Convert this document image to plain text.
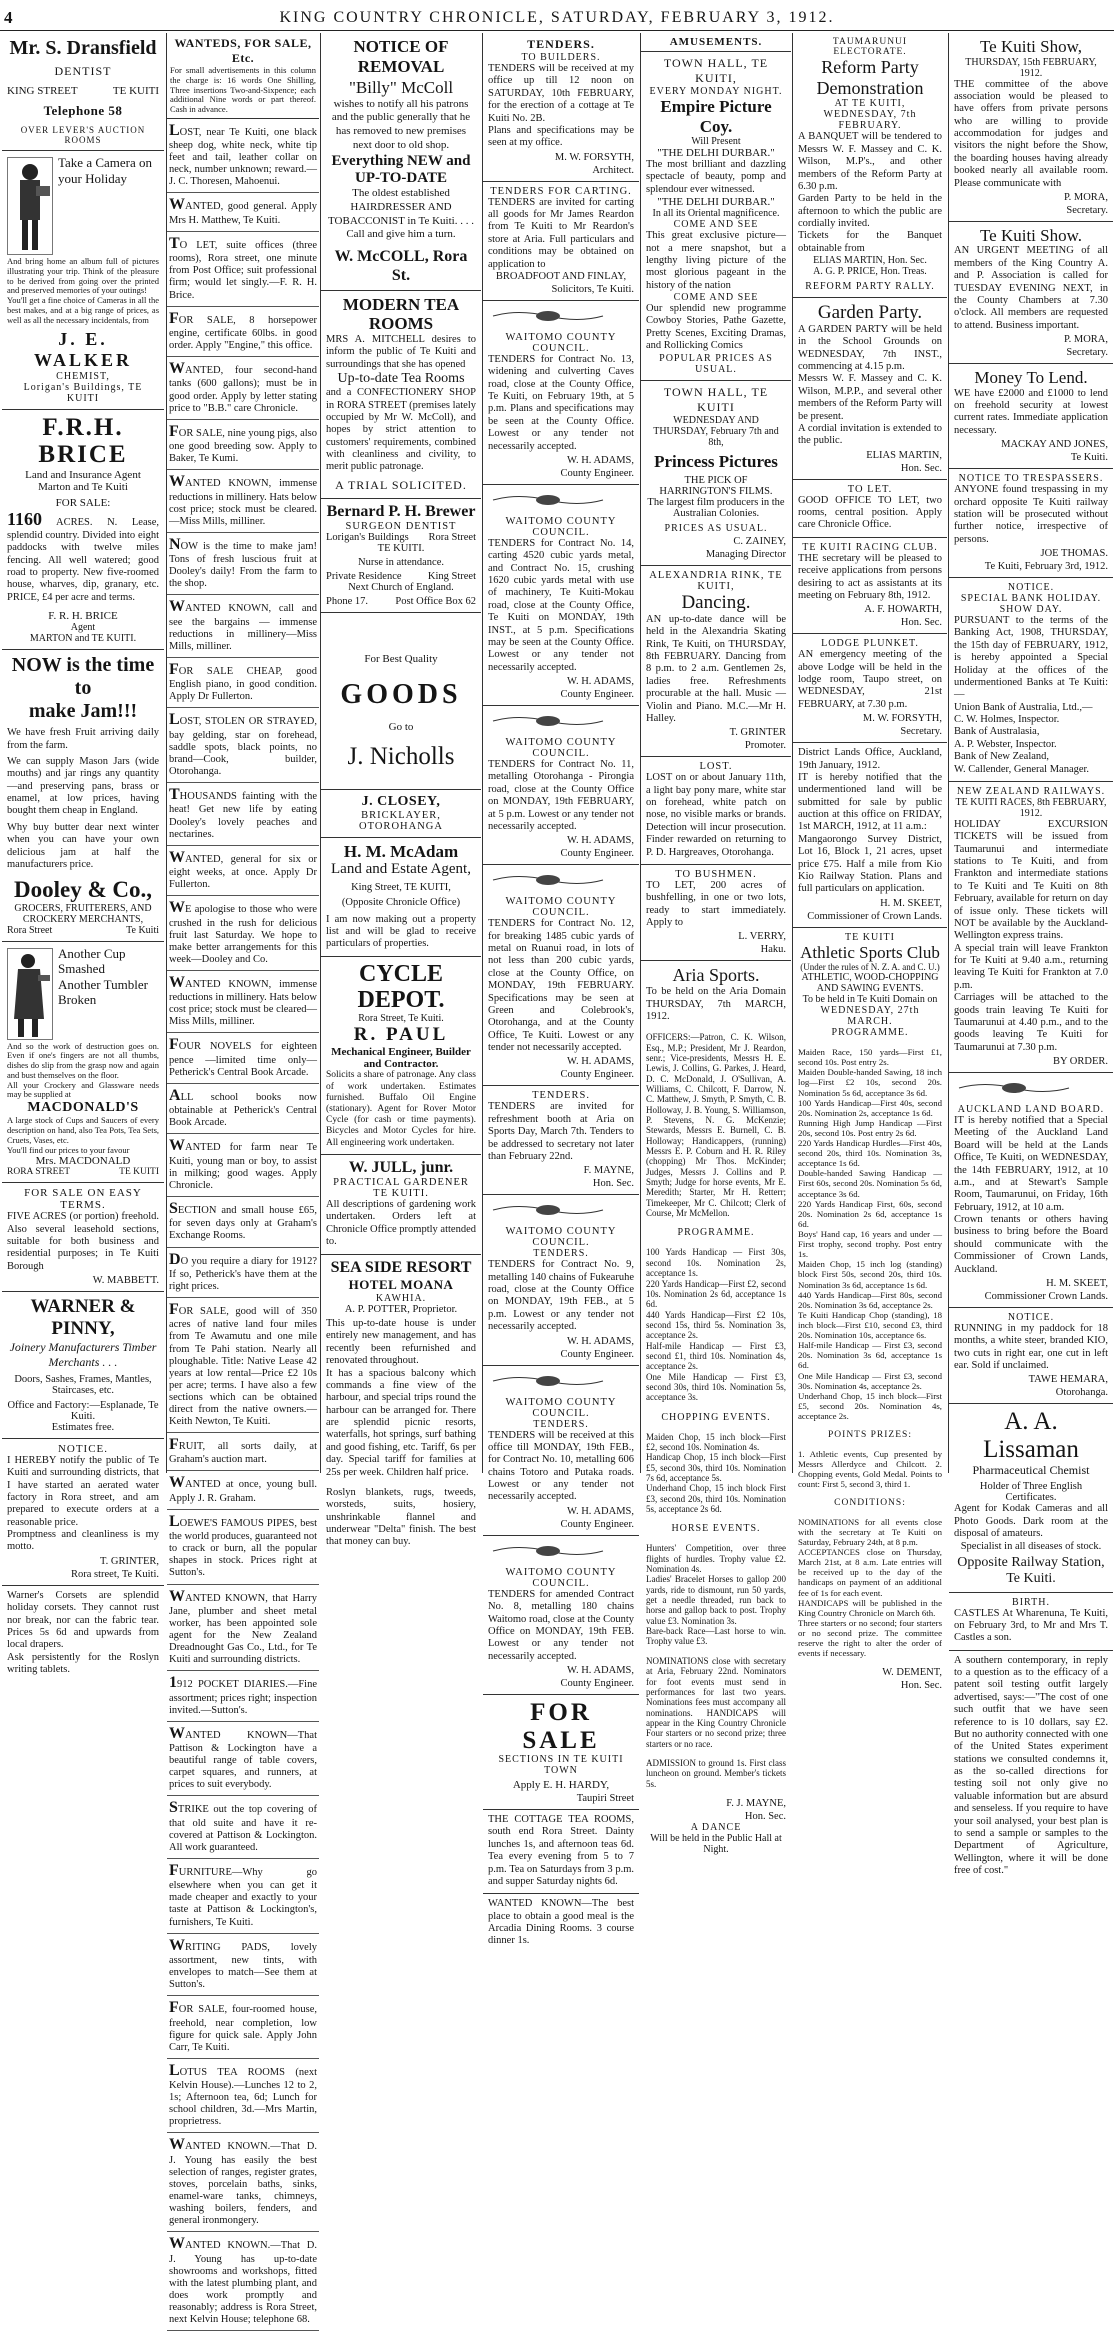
4	KING COUNTRY CHRONICLE, SATURDAY, FEBRUARY 3, 1912.
Mr. S. Dransfield
DENTIST
KING STREET	TE KUITI
Telephone 58
OVER LEVER'S AUCTION ROOMS
Take a Camera on your Holiday
And bring home an album full of pictures illustrating your trip. Think of the pleasure to be derived from going over the printed and preserved memories of your outings!
You'll get a fine choice of Cameras in all the best makes, and at a big range of prices, as well as all the necessary incidentals, from
J. E. WALKER
CHEMIST,
Lorigan's Buildings, TE KUITI
F.R.H. BRICE
Land and Insurance Agent
Marton and Te Kuiti
FOR SALE:
1160 ACRES. N. Lease, splendid country. Divided into eight paddocks with twelve miles fencing. All well watered; good road to property. New five-roomed house, wharves, dip, granary, etc. PRICE, £4 per acre and terms.
F. R. H. BRICE
Agent
MARTON and TE KUITI.
NOW is the time to
make Jam!!!

We have fresh Fruit arriving daily from the farm.

We can supply Mason Jars (wide mouths) and jar rings any quantity—and preserving pans, brass or enamel, at low prices, having bought them cheap in England.

Why buy butter dear next winter when you can have your own delicious jam at half the manufacturers price.

Dooley & Co.,
GROCERS, FRUITERERS, AND CROCKERY MERCHANTS,
Rora Street	Te Kuiti
Another Cup Smashed
Another Tumbler Broken
And so the work of destruction goes on. Even if one's fingers are not all thumbs, dishes do slip from the grasp now and again and bust themselves on the floor.
All your Crockery and Glassware needs may be supplied at
MACDONALD'S
A large stock of Cups and Saucers of every description on hand, also Tea Pots, Tea Sets, Cruets, Vases, etc.
You'll find our prices to your favour
Mrs. MACDONALD
RORA STREET	TE KUITI
FOR SALE ON EASY TERMS.

FIVE ACRES (or portion) freehold. Also several leasehold sections, suitable for both business and residential purposes; in Te Kuiti Borough

W. MABBETT.
WARNER & PINNY,
Joinery Manufacturers Timber Merchants . . .
Doors, Sashes, Frames, Mantles, Staircases, etc.
Office and Factory:—Esplanade, Te Kuiti.
Estimates free.
NOTICE.

I HEREBY notify the public of Te Kuiti and surrounding districts, that I have started an aerated water factory in Rora street, and am prepared to execute orders at a reasonable price.

Promptness and cleanliness is my motto.

T. GRINTER,
Rora street, Te Kuiti.

Warner's Corsets are splendid holiday corsets. They cannot rust nor break, nor can the fabric tear. Prices 5s 6d and upwards from local drapers.

Ask persistently for the Roslyn writing tablets.

WANTEDS, FOR SALE, Etc.
For small advertisements in this column the charge is: 16 words One Shilling, Three insertions Two-and-Sixpence; each additional Nine words or part thereof. Cash in advance.
LOST, near Te Kuiti, one black sheep dog, white neck, white tip feet and tail, leather collar on neck, number unknown; reward.—J. C. Thoresen, Mahoenui.
WANTED, good general. Apply Mrs H. Matthew, Te Kuiti.
TO LET, suite offices (three rooms), Rora street, one minute from Post Office; suit professional firm; would let singly.—F. R. H. Brice.
FOR SALE, 8 horsepower engine, certificate 60lbs. in good order. Apply "Engine," this office.
WANTED, four second-hand tanks (600 gallons); must be in good order. Apply by letter stating price to "B.B." care Chronicle.
FOR SALE, nine young pigs, also one good breeding sow. Apply to Baker, Te Kumi.
WANTED KNOWN, immense reductions in millinery. Hats below cost price; stock must be cleared.—Miss Mills, milliner.
NOW is the time to make jam! Tons of fresh luscious fruit at Dooley's daily! From the farm to the shop.
WANTED KNOWN, call and see the bargains — immense reductions in millinery—Miss Mills, milliner.
FOR SALE CHEAP, good English piano, in good condition. Apply Dr Fullerton.
LOST, STOLEN OR STRAYED, bay gelding, star on forehead, saddle spots, black points, no brand—Cook, builder, Otorohanga.
THOUSANDS fainting with the heat! Get new life by eating Dooley's lovely peaches and nectarines.
WANTED, general for six or eight weeks, at once. Apply Dr Fullerton.
WE apologise to those who were crushed in the rush for delicious fruit last Saturday. We hope to make better arrangements for this week—Dooley and Co.
WANTED KNOWN, immense reductions in millinery. Hats below cost price; stock must be cleared—Miss Mills, milliner.
FOUR NOVELS for eighteen pence —limited time only—Petherick's Central Book Arcade.
ALL school books now obtainable at Petherick's Central Book Arcade.
WANTED for farm near Te Kuiti, young man or boy, to assist in milking; good wages. Apply Chronicle.
SECTION and small house £65, for seven days only at Graham's Exchange Rooms.
DO you require a diary for 1912? If so, Petherick's have them at the right prices.
FOR SALE, good will of 350 acres of native land four miles from Te Awamutu and one mile from Te Pahi station. Nearly all ploughable. Title: Native Lease 42 years at low rental—Price £2 10s per acre; terms. I have also a few sections which can be obtained direct from the native owners.—Keith Newton, Te Kuiti.
FRUIT, all sorts daily, at Graham's auction mart.
WANTED at once, young bull. Apply J. R. Graham.
LOEWE'S FAMOUS PIPES, best the world produces, guaranteed not to crack or burn, all the popular shapes in stock. Prices right at Sutton's.
WANTED KNOWN, that Harry Jane, plumber and sheet metal worker, has been appointed sole agent for the New Zealand Dreadnought Gas Co., Ltd., for Te Kuiti and surrounding districts.
1912 POCKET DIARIES.—Fine assortment; prices right; inspection invited.—Sutton's.
WANTED KNOWN—That Pattison & Lockington have a beautiful range of table covers, carpet squares, and runners, at prices to suit everybody.
STRIKE out the top covering of that old suite and have it re-covered at Pattison & Lockington. All work guaranteed.
FURNITURE—Why go elsewhere when you can get it made cheaper and exactly to your taste at Pattison & Lockington's, furnishers, Te Kuiti.
WRITING PADS, lovely assortment, new tints, with envelopes to match—See them at Sutton's.
FOR SALE, four-roomed house, freehold, near completion, low figure for quick sale. Apply John Carr, Te Kuiti.
LOTUS TEA ROOMS (next Kelvin House).—Lunches 12 to 2, 1s; Afternoon tea, 6d; Lunch for school children, 3d.—Mrs Martin, proprietress.
WANTED KNOWN.—That D. J. Young has easily the best selection of ranges, register grates, stoves, porcelain baths, sinks, enamel-ware tanks, chimneys, washing boilers, fenders, and general ironmongery.
WANTED KNOWN.—That D. J. Young has up-to-date showrooms and workshops, fitted with the latest plumbing plant, and does work promptly and reasonably; address is Rora Street, next Kelvin House; telephone 68.
NOTICE OF REMOVAL
"Billy" McColl
wishes to notify all his patrons and the public generally that he has removed to new premises next door to old shop.
Everything NEW and UP-TO-DATE
The oldest established HAIRDRESSER AND TOBACCONIST in Te Kuiti. . . . Call and give him a turn.
W. McCOLL, Rora St.
MODERN TEA ROOMS

MRS A. MITCHELL desires to inform the public of Te Kuiti and surroundings that she has opened

Up-to-date Tea Rooms

and a CONFECTIONERY SHOP in RORA STREET (premises lately occupied by Mr W. McColl), and hopes by strict attention to customers' requirements, combined with cleanliness and civility, to merit public patronage.

A TRIAL SOLICITED.
Bernard P. H. Brewer
SURGEON DENTIST
Lorigan's Buildings Rora Street
TE KUITI.
Nurse in attendance.
Private Residence	King Street
Next Church of England.
Phone 17.	Post Office Box 62
For Best Quality
GOODS
Go to
J. Nicholls
J. CLOSEY,
BRICKLAYER,
OTOROHANGA
H. M. McAdam
Land and Estate Agent,
King Street, TE KUITI,
(Opposite Chronicle Office)

I am now making out a property list and will be glad to receive particulars of properties.

CYCLE DEPOT.
Rora Street, Te Kuiti.
R. PAUL
Mechanical Engineer, Builder and Contractor.

Solicits a share of patronage. Any class of work undertaken. Estimates furnished. Buffalo Oil Engine (stationary). Agent for Rover Motor Cycle (for cash or time payments). Bicycles and Motor Cycles for hire. All engineering work undertaken.

W. JULL, junr.
PRACTICAL GARDENER
TE KUITI.

All descriptions of gardening work undertaken. Orders left at Chronicle Office promptly attended to.

SEA SIDE RESORT
HOTEL MOANA
KAWHIA.
A. P. POTTER, Proprietor.

This up-to-date house is under entirely new management, and has recently been refurnished and renovated throughout.

It has a spacious balcony which commands a fine view of the harbour, and special trips round the harbour can be arranged for. There are splendid picnic resorts, waterfalls, hot springs, surf bathing and good fishing, etc. Tariff, 6s per day. Special tariff for families at 25s per week. Children half price.

Roslyn blankets, rugs, tweeds, worsteds, suits, hosiery, unshrinkable flannel and underwear "Delta" finish. The best that money can buy.

TENDERS.
TO BUILDERS.

TENDERS will be received at my office up till 12 noon on SATURDAY, 10th FEBRUARY, for the erection of a cottage at Te Kuiti No. 2B.

Plans and specifications may be seen at my office.

M. W. FORSYTH,
Architect.
TENDERS FOR CARTING.

TENDERS are invited for carting all goods for Mr James Reardon from Te Kuiti to Mr Reardon's store at Aria. Full particulars and conditions may be obtained on application to

BROADFOOT AND FINLAY,
Solicitors, Te Kuiti.
WAITOMO COUNTY COUNCIL.

TENDERS for Contract No. 13, widening and culverting Caves road, close at the County Office, Te Kuiti, on February 19th, at 5 p.m. Plans and specifications may be seen at the County Office. Lowest or any tender not necessarily accepted.

W. H. ADAMS,
County Engineer.
WAITOMO COUNTY COUNCIL.

TENDERS for Contract No. 14, carting 4520 cubic yards metal, and Contract No. 15, crushing 1620 cubic yards metal with use of machinery, Te Kuiti-Mokau road, close at the County Office, Te Kuiti on MONDAY, 19th INST., at 5 p.m. Specifications may be seen at the County Office. Lowest or any tender not necessarily accepted.

W. H. ADAMS,
County Engineer.
WAITOMO COUNTY COUNCIL.

TENDERS for Contract No. 11, metalling Otorohanga - Pirongia road, close at the County Office on MONDAY, 19th FEBRUARY, at 5 p.m. Lowest or any tender not necessarily accepted.

W. H. ADAMS,
County Engineer.
WAITOMO COUNTY COUNCIL.

TENDERS for Contract No. 12, for breaking 1485 cubic yards of metal on Ruanui road, in lots of not less than 200 cubic yards, close at the County Office, on MONDAY, 19th FEBRUARY. Specifications may be seen at Green and Colebrook's, Otorohanga, and at the County Office, Te Kuiti. Lowest or any tender not necessarily accepted.

W. H. ADAMS,
County Engineer.
TENDERS.

TENDERS are invited for refreshment booth at Aria on Sports Day, March 7th. Tenders to be addressed to secretary not later than February 22nd.

F. MAYNE,
Hon. Sec.
WAITOMO COUNTY COUNCIL.
TENDERS.

TENDERS for Contract No. 9, metalling 140 chains of Fukearuhe road, close at the County Office on MONDAY, 19th FEB., at 5 p.m. Lowest or any tender not necessarily accepted.

W. H. ADAMS,
County Engineer.
WAITOMO COUNTY COUNCIL.
TENDERS.

TENDERS will be received at this office till MONDAY, 19th FEB., for Contract No. 10, metalling 606 chains Totoro and Putaka roads. Lowest or any tender not necessarily accepted.

W. H. ADAMS,
County Engineer.
WAITOMO COUNTY COUNCIL.

TENDERS for amended Contract No. 8, metalling 180 chains Waitomo road, close at the County Office on MONDAY, 19th FEB. Lowest or any tender not necessarily accepted.

W. H. ADAMS,
County Engineer.
FOR SALE
SECTIONS IN TE KUITI TOWN
Apply E. H. HARDY,
Taupiri Street

THE COTTAGE TEA ROOMS, south end Rora Street. Dainty lunches 1s, and afternoon teas 6d. Tea every evening from 5 to 7 p.m. Tea on Saturdays from 3 p.m. and supper Saturday nights 6d.

WANTED KNOWN—The best place to obtain a good meal is the Arcadia Dining Rooms. 3 course dinner 1s.

AMUSEMENTS.
TOWN HALL, TE KUITI,
EVERY MONDAY NIGHT.
Empire Picture Coy.
Will Present
"THE DELHI DURBAR."

The most brilliant and dazzling spectacle of beauty, pomp and splendour ever witnessed.

"THE DELHI DURBAR."
In all its Oriental magnificence.
COME AND SEE

This great exclusive picture—not a mere snapshot, but a lengthy living picture of the most glorious pageant in the history of the nation

COME AND SEE

Our splendid new programme Cowboy Stories, Pathe Gazette, Pretty Scenes, Exciting Dramas, and Rollicking Comics

POPULAR PRICES AS USUAL.
TOWN HALL, TE KUITI
WEDNESDAY AND THURSDAY, February 7th and 8th,
Princess Pictures
THE PICK OF HARRINGTON'S FILMS.
The largest film producers in the Australian Colonies.
PRICES AS USUAL.
C. ZAINEY,
Managing Director
ALEXANDRIA RINK, TE KUITI,
Dancing.

AN up-to-date dance will be held in the Alexandria Skating Rink, Te Kuiti, on THURSDAY, 8th FEBRUARY. Dancing from 8 p.m. to 2 a.m. Gentlemen 2s, ladies free. Refreshments procurable at the hall. Music —Violin and Piano. M.C.—Mr H. Halley.

T. GRINTER
Promoter.
LOST.

LOST on or about January 11th, a light bay pony mare, white star on forehead, white patch on nose, no visible marks or brands. Detection will incur prosecution. Finder rewarded on returning to P. D. Hargreaves, Otorohanga.

TO BUSHMEN.

TO LET, 200 acres of bushfelling, in one or two lots, ready to start immediately. Apply to

L. VERRY,
Haku.
Aria Sports.

To be held on the Aria Domain THURSDAY, 7th MARCH, 1912.

OFFICERS:—Patron, C. K. Wilson, Esq., M.P.; President, Mr J. Reardon, senr.; Vice-presidents, Messrs H. E. Lewis, J. Collins, G. Parkes, J. Heard, D. C. McDonald, J. O'Sullivan, A. Williams, C. Chilcott, F. Darrow, N. C. Matthew, J. Smyth, P. Smyth, C. B. Holloway, J. B. Young, S. Williamson, P. Stevens, N. G. McKenzie; Stewards, Messrs E. Burnell, C. B. Holloway; Handicappers, (running) Messrs E. P. Coburn and H. R. Riley (chopping) Mr Thos. McKinder; Judges, Messrs J. Collins and P. Smyth; Judge for horse events, Mr E. Meredith; Starter, Mr H. Retterr; Timekeeper, Mr C. Chilcott; Clerk of Course, Mr McMellon.

PROGRAMME.

100 Yards Handicap — First 30s, second 10s. Nomination 2s, acceptance 1s.
220 Yards Handicap—First £2, second 10s. Nomination 2s 6d, acceptance 1s 6d.
440 Yards Handicap—First £2 10s, second 15s, third 5s. Nomination 3s, acceptance 2s.
Half-mile Handicap — First £3, second £1, third 10s. Nomination 4s, acceptance 2s.
One Mile Handicap — First £3, second 30s, third 10s. Nomination 5s, acceptance 3s.

CHOPPING EVENTS.

Maiden Chop, 15 inch block—First £2, second 10s. Nomination 4s.
Handicap Chop, 15 inch block—First £5, second 30s, third 10s. Nomination 7s 6d, acceptance 5s.
Underhand Chop, 15 inch block First £3, second 20s, third 10s. Nomination 5s, acceptance 2s 6d.

HORSE EVENTS.

Hunters' Competition, over three flights of hurdles. Trophy value £2. Nomination 4s.
Ladies' Bracelet Horses to gallop 200 yards, ride to dismount, run 50 yards, get a needle threaded, run back to horse and gallop back to post. Trophy value £3. Nomination 3s.
Bare-back Race—Last horse to win. Trophy value £3.

NOMINATIONS close with secretary at Aria, February 22nd. Nominators for foot events must send in performances for last two years. Nominations fees must accompany all nominations. HANDICAPS will appear in the King Country Chronicle Four starters or no second prize; three starters or no race.

ADMISSION to ground 1s. First class luncheon on ground. Member's tickets 5s.

F. J. MAYNE,
Hon. Sec.
A DANCE
Will be held in the Public Hall at Night.
TAUMARUNUI ELECTORATE.
Reform Party Demonstration
AT TE KUITI,
WEDNESDAY, 7th FEBRUARY.

A BANQUET will be tendered to Messrs W. F. Massey and C. K. Wilson, M.P's., and other members of the Reform Party at 6.30 p.m.

Garden Party to be held in the afternoon to which the public are cordially invited.

Tickets for the Banquet obtainable from

ELIAS MARTIN, Hon. Sec.
A. G. P. PRICE, Hon. Treas.
REFORM PARTY RALLY.
Garden Party.

A GARDEN PARTY will be held in the School Grounds on WEDNESDAY, 7th INST., commencing at 4.15 p.m.

Messrs W. F. Massey and C. K. Wilson, M.P.P., and several other members of the Reform Party will be present.

A cordial invitation is extended to the public.

ELIAS MARTIN,
Hon. Sec.
TO LET.

GOOD OFFICE TO LET, two rooms, central position. Apply care Chronicle Office.

TE KUITI RACING CLUB.

THE secretary will be pleased to receive applications from persons desiring to act as assistants at its meeting on February 8th, 1912.

A. F. HOWARTH,
Hon. Sec.
LODGE PLUNKET.

AN emergency meeting of the above Lodge will be held in the lodge room, Taupo street, on WEDNESDAY, 21st FEBRUARY, at 7.30 p.m.

M. W. FORSYTH,
Secretary.

District Lands Office, Auckland, 19th January, 1912.

IT is hereby notified that the undermentioned land will be submitted for sale by public auction at this office on FRIDAY, 1st MARCH, 1912, at 11 a.m.:

Mangaorongo Survey District, Lot 16, Block 1, 21 acres, upset price £75. Half a mile from Kio Kio Railway Station. Plans and full particulars on application.

H. M. SKEET,
Commissioner of Crown Lands.
TE KUITI
Athletic Sports Club
(Under the rules of N. Z. A. and C. U.)
ATHLETIC, WOOD-CHOPPING AND SAWING EVENTS.
To be held in Te Kuiti Domain on
WEDNESDAY, 27th MARCH.
PROGRAMME.

Maiden Race, 150 yards—First £1, second 10s. Post entry 2s.
Maiden Double-handed Sawing, 18 inch log—First £2 10s, second 20s. Nomination 5s 6d, acceptance 3s 6d.
100 Yards Handicap—First 40s, second 20s. Nomination 2s, acceptance 1s 6d.
Running High Jump Handicap —First 20s, second 10s. Post entry 2s 6d.
220 Yards Handicap Hurdles—First 40s, second 20s, third 10s. Nomination 3s, acceptance 1s 6d.
Double-handed Sawing Handicap —First 60s, second 20s. Nomination 5s 6d, acceptance 3s 6d.
220 Yards Handicap First, 60s, second 20s. Nomination 2s 6d, acceptance 1s 6d.
Boys' Hand cap, 16 years and under —First trophy, second trophy. Post entry 1s.
Maiden Chop, 15 inch log (standing) block First 50s, second 20s, third 10s. Nomination 3s 6d, acceptance 1s 6d.
440 Yards Handicap—First 80s, second 20s. Nomination 3s 6d, acceptance 2s.
Te Kuiti Handicap Chop (standing), 18 inch block—First £10, second £3, third 20s. Nomination 10s, acceptance 6s.
Half-mile Handicap — First £3, second 20s. Nomination 3s 6d, acceptance 1s 6d.
One Mile Handicap — First £3, second 30s. Nomination 4s, acceptance 2s.
Underhand Chop, 15 inch block—First £5, second 20s. Nomination 4s, acceptance 2s.

POINTS PRIZES:

1. Athletic events, Cup presented by Messrs Allerdyce and Chilcott. 2. Chopping events, Gold Medal. Points to count: First 5, second 3, third 1.

CONDITIONS:

NOMINATIONS for all events close with the secretary at Te Kuiti on Saturday, February 24th, at 8 p.m.
ACCEPTANCES close on Thursday, March 21st, at 8 a.m. Late entries will be received up to the day of the handicaps on payment of an additional fee of 1s for each event.
HANDICAPS will be published in the King Country Chronicle on March 6th.
Three starters or no second; four starters or no second prize. The committee reserve the right to alter the order of events if necessary.

W. DEMENT,
Hon. Sec.
Te Kuiti Show,
THURSDAY, 15th FEBRUARY, 1912.

THE committee of the above association would be pleased to have offers from private persons who are willing to provide accommodation for judges and visitors the night before the Show, the boarding houses having already booked nearly all available room. Please communicate with

P. MORA,
Secretary.
Te Kuiti Show.

AN URGENT MEETING of all members of the King Country A. and P. Association is called for TUESDAY EVENING NEXT, in the County Chambers at 7.30 o'clock. All members are requested to attend. Business important.

P. MORA,
Secretary.
Money To Lend.

WE have £2000 and £1000 to lend on freehold security at lowest current rates. Immediate application necessary.

MACKAY AND JONES,
Te Kuiti.
NOTICE TO TRESPASSERS.

ANYONE found trespassing in my orchard opposite Te Kuiti railway station will be prosecuted without further notice, irrespective of persons.

JOE THOMAS.
Te Kuiti, February 3rd, 1912.
NOTICE.
SPECIAL BANK HOLIDAY.
SHOW DAY.

PURSUANT to the terms of the Banking Act, 1908, THURSDAY, the 15th day of FEBRUARY, 1912, is hereby appointed a Special Holiday at the offices of the undermentioned Banks at Te Kuiti:—

Union Bank of Australia, Ltd.,—
C. W. Holmes, Inspector.
Bank of Australasia,
A. P. Webster, Inspector.
Bank of New Zealand,
W. Callender, General Manager.

NEW ZEALAND RAILWAYS.
TE KUITI RACES, 8th FEBRUARY, 1912.

HOLIDAY EXCURSION TICKETS will be issued from Taumarunui and intermediate stations to Te Kuiti, and from Frankton and intermediate stations to Te Kuiti and Te Kuiti on 8th February, available for return on day of issue only. These tickets will NOT be available by the Auckland-Wellington express trains.

A special train will leave Frankton for Te Kuiti at 9.40 a.m., returning leaving Te Kuiti for Frankton at 7.0 p.m.

Carriages will be attached to the goods train leaving Te Kuiti for Taumarunui at 4.40 p.m., and to the goods leaving Te Kuiti for Taumarunui at 7.30 p.m.

BY ORDER.
AUCKLAND LAND BOARD.

IT is hereby notified that a Special Meeting of the Auckland Land Board will be held at the Lands Office, Te Kuiti, on WEDNESDAY, the 14th FEBRUARY, 1912, at 10 a.m., and at Stewart's Sample Room, Taumarunui, on Friday, 16th February, 1912, at 10 a.m.

Crown tenants or others having business to bring before the Board should communicate with the Commissioner of Crown Lands, Auckland.

H. M. SKEET,
Commissioner Crown Lands.
NOTICE.

RUNNING in my paddock for 18 months, a white steer, branded KIO, two cuts in right ear, one cut in left ear. Sold if unclaimed.

TAWE HEMARA,
Otorohanga.
A. A. Lissaman
Pharmaceutical Chemist
Holder of Three English Certificates.

Agent for Kodak Cameras and all Photo Goods. Dark room at the disposal of amateurs.

Specialist in all diseases of stock.
Opposite Railway Station,
Te Kuiti.
BIRTH.

CASTLES At Wharenuna, Te Kuiti, on February 3rd, to Mr and Mrs T. Castles a son.

A southern contemporary, in reply to a question as to the efficacy of a patent soil testing outfit largely advertised, says:—"The cost of one such outfit that we have seen reference to is 10 dollars, say £2. But no authority connected with one of the United States experiment stations we consulted condemns it, as the so-called directions for testing soil not only give no valuable information but are absurd and senseless. If you require to have your soil analysed, your best plan is to send a sample or samples to the Department of Agriculture, Wellington, where it will be done free of cost."
